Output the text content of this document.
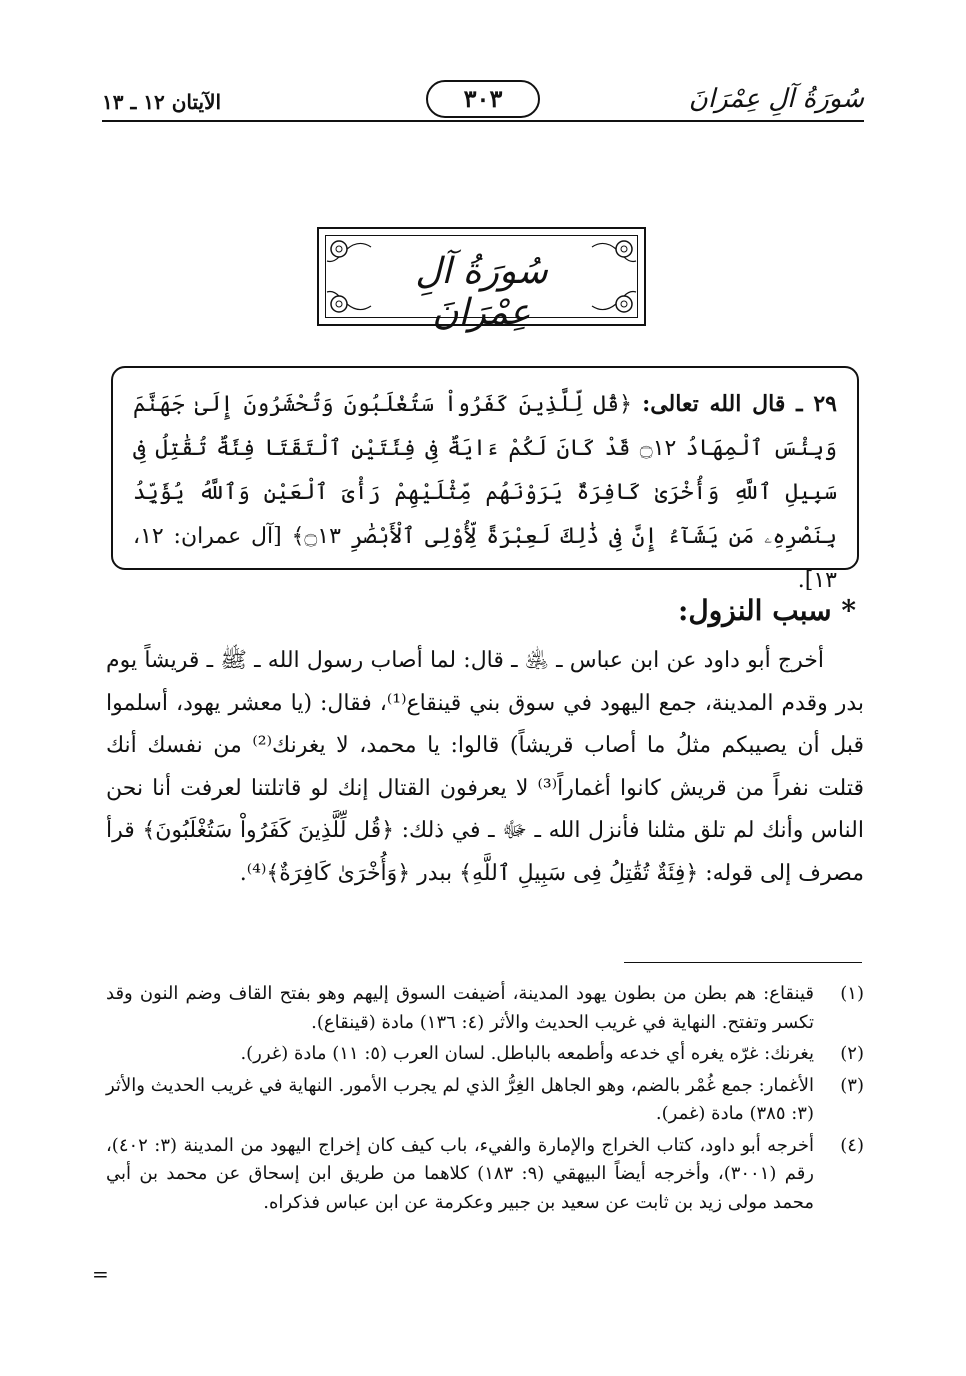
الآيتان ١٢ ـ ١٣	٣٠٣	سُورَةُ آلِ عِمْرَانَ
سُورَةُ آلِ عِمْرَانَ

٢٩ ـ قال الله تعالى: ﴿قُل لِّلَّذِينَ كَفَرُواْ سَتُغْلَبُونَ وَتُحْشَرُونَ إِلَىٰ جَهَنَّمَ وَبِئْسَ ٱلْمِهَادُ ۝١٢ قَدْ كَانَ لَكُمْ ءَايَةٌ فِى فِئَتَيْنِ ٱلْتَقَتَا فِئَةٌ تُقَٰتِلُ فِى سَبِيلِ ٱللَّهِ وَأُخْرَىٰ كَافِرَةٌ يَرَوْنَهُم مِّثْلَيْهِمْ رَأْىَ ٱلْعَيْنِ وَٱللَّهُ يُؤَيِّدُ بِنَصْرِهِۦ مَن يَشَآءُ إِنَّ فِى ذَٰلِكَ لَعِبْرَةً لِّأُوْلِى ٱلْأَبْصَٰرِ ۝١٣﴾ [آل عمران: ١٢، ١٣].

* سبب النزول:

أخرج أبو داود عن ابن عباس ـ ﵁ ـ قال: لما أصاب رسول الله ـ ﷺ ـ قريشاً يوم بدر وقدم المدينة، جمع اليهود في سوق بني قينقاع⁽¹⁾، فقال: (يا معشر يهود، أسلموا قبل أن يصيبكم مثلُ ما أصاب قريشاً) قالوا: يا محمد، لا يغرنك⁽²⁾ من نفسك أنك قتلت نفراً من قريش كانوا أغماراً⁽³⁾ لا يعرفون القتال إنك لو قاتلتنا لعرفت أنا نحن الناس وأنك لم تلق مثلنا فأنزل الله ـ ﷻ ـ في ذلك: ﴿قُل لِّلَّذِينَ كَفَرُواْ سَتُغْلَبُونَ﴾ قرأ مصرف إلى قوله: ﴿فِئَةٌ تُقَٰتِلُ فِى سَبِيلِ ٱللَّهِ﴾ ببدر ﴿وَأُخْرَىٰ كَافِرَةٌ﴾⁽⁴⁾.

(١)
قينقاع: هم بطن من بطون يهود المدينة، أضيفت السوق إليهم وهو بفتح القاف وضم النون وقد تكسر وتفتح. النهاية في غريب الحديث والأثر (٤: ١٣٦) مادة (قينقاع).
(٢)
يغرنك: غرّه يغره أي خدعه وأطمعه بالباطل. لسان العرب (٥: ١١) مادة (غرر).
(٣)
الأغمار: جمع غُمْر بالضم، وهو الجاهل الغِرُّ الذي لم يجرب الأمور. النهاية في غريب الحديث والأثر (٣: ٣٨٥) مادة (غمر).
(٤)
أخرجه أبو داود، كتاب الخراج والإمارة والفيء، باب كيف كان إخراج اليهود من المدينة (٣: ٤٠٢)، رقم (٣٠٠١)، وأخرجه أيضاً البيهقي (٩: ١٨٣) كلاهما من طريق ابن إسحاق عن محمد بن أبي محمد مولى زيد بن ثابت عن سعيد بن جبير وعكرمة عن ابن عباس فذكراه.
=
